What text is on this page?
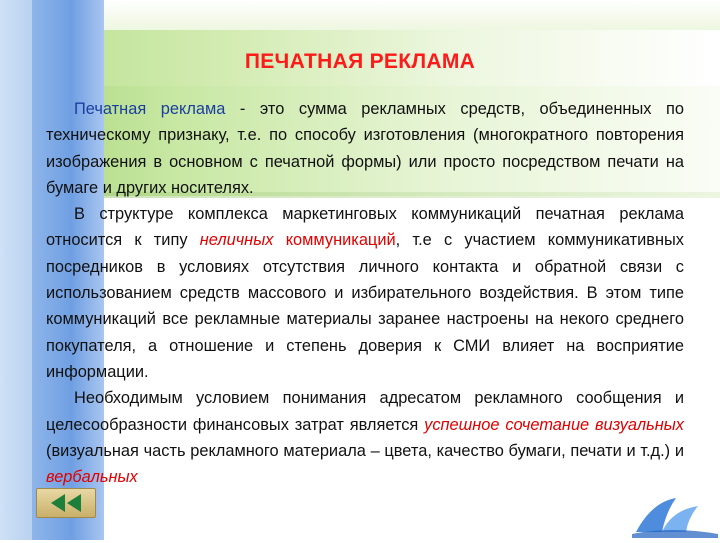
ПЕЧАТНАЯ РЕКЛАМА

Печатная реклама - это сумма рекламных средств, объединенных по техническому признаку, т.е. по способу изготовления (многократного повторения изображения в основном с печатной формы) или просто посредством печати на бумаге и других носителях.

В структуре комплекса маркетинговых коммуникаций печатная реклама относится к типу неличных коммуникаций, т.е с участием коммуникативных посредников в условиях отсутствия личного контакта и обратной связи с использованием средств массового и избирательного воздействия. В этом типе коммуникаций все рекламные материалы заранее настроены на некого среднего покупателя, а отношение и степень доверия к СМИ влияет на восприятие информации.

Необходимым условием понимания адресатом рекламного сообщения и целесообразности финансовых затрат является успешное сочетание визуальных (визуальная часть рекламного материала – цвета, качество бумаги, печати и т.д.) и вербальных
